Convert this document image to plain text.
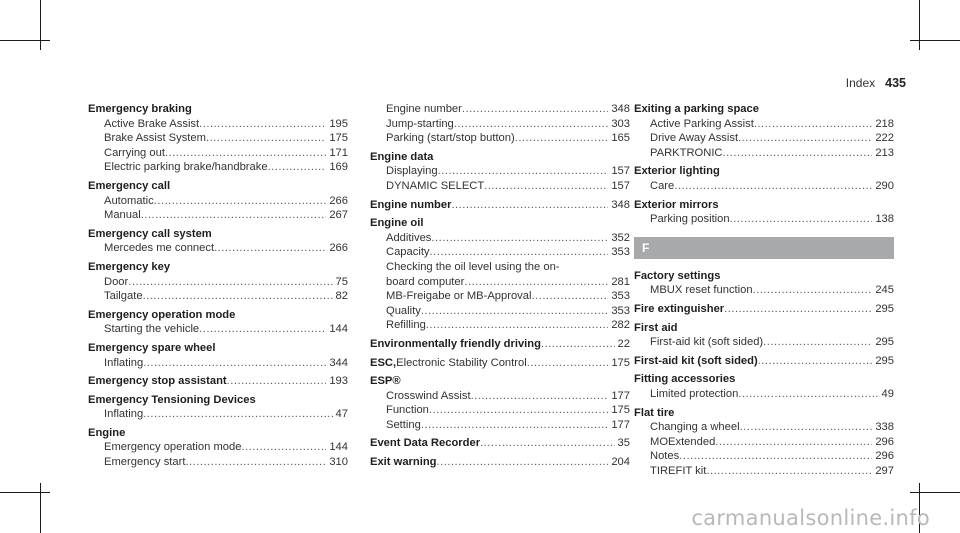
Index 435
Emergency braking
Active Brake Assist .....	195
Brake Assist System .....	175
Carrying out .....	171
Electric parking brake/handbrake .....	169
Emergency call
Automatic .....	266
Manual .....	267
Emergency call system
Mercedes me connect .....	266
Emergency key
Door .....	75
Tailgate .....	82
Emergency operation mode
Starting the vehicle .....	144
Emergency spare wheel
Inflating .....	344
Emergency stop assistant .....	193
Emergency Tensioning Devices
Inflating .....	47
Engine
Emergency operation mode .....	144
Emergency start .....	310
Engine number .....	348
Jump-starting .....	303
Parking (start/stop button) .....	165
Engine data
Displaying .....	157
DYNAMIC SELECT .....	157
Engine number .....	348
Engine oil
Additives .....	352
Capacity .....	353
Checking the oil level using the on-
board computer .....	281
MB-Freigabe or MB-Approval .....	353
Quality .....	353
Refilling .....	282
Environmentally friendly driving .....	22
ESC, Electronic Stability Control .....	175
ESP®
Crosswind Assist .....	177
Function .....	175
Setting .....	177
Event Data Recorder .....	35
Exit warning .....	204
Exiting a parking space
Active Parking Assist .....	218
Drive Away Assist .....	222
PARKTRONIC .....	213
Exterior lighting
Care .....	290
Exterior mirrors
Parking position .....	138
F
Factory settings
MBUX reset function .....	245
Fire extinguisher .....	295
First aid
First-aid kit (soft sided) .....	295
First-aid kit (soft sided) .....	295
Fitting accessories
Limited protection .....	49
Flat tire
Changing a wheel .....	338
MOExtended .....	296
Notes .....	296
TIREFIT kit .....	297
carmanualsonline.info
